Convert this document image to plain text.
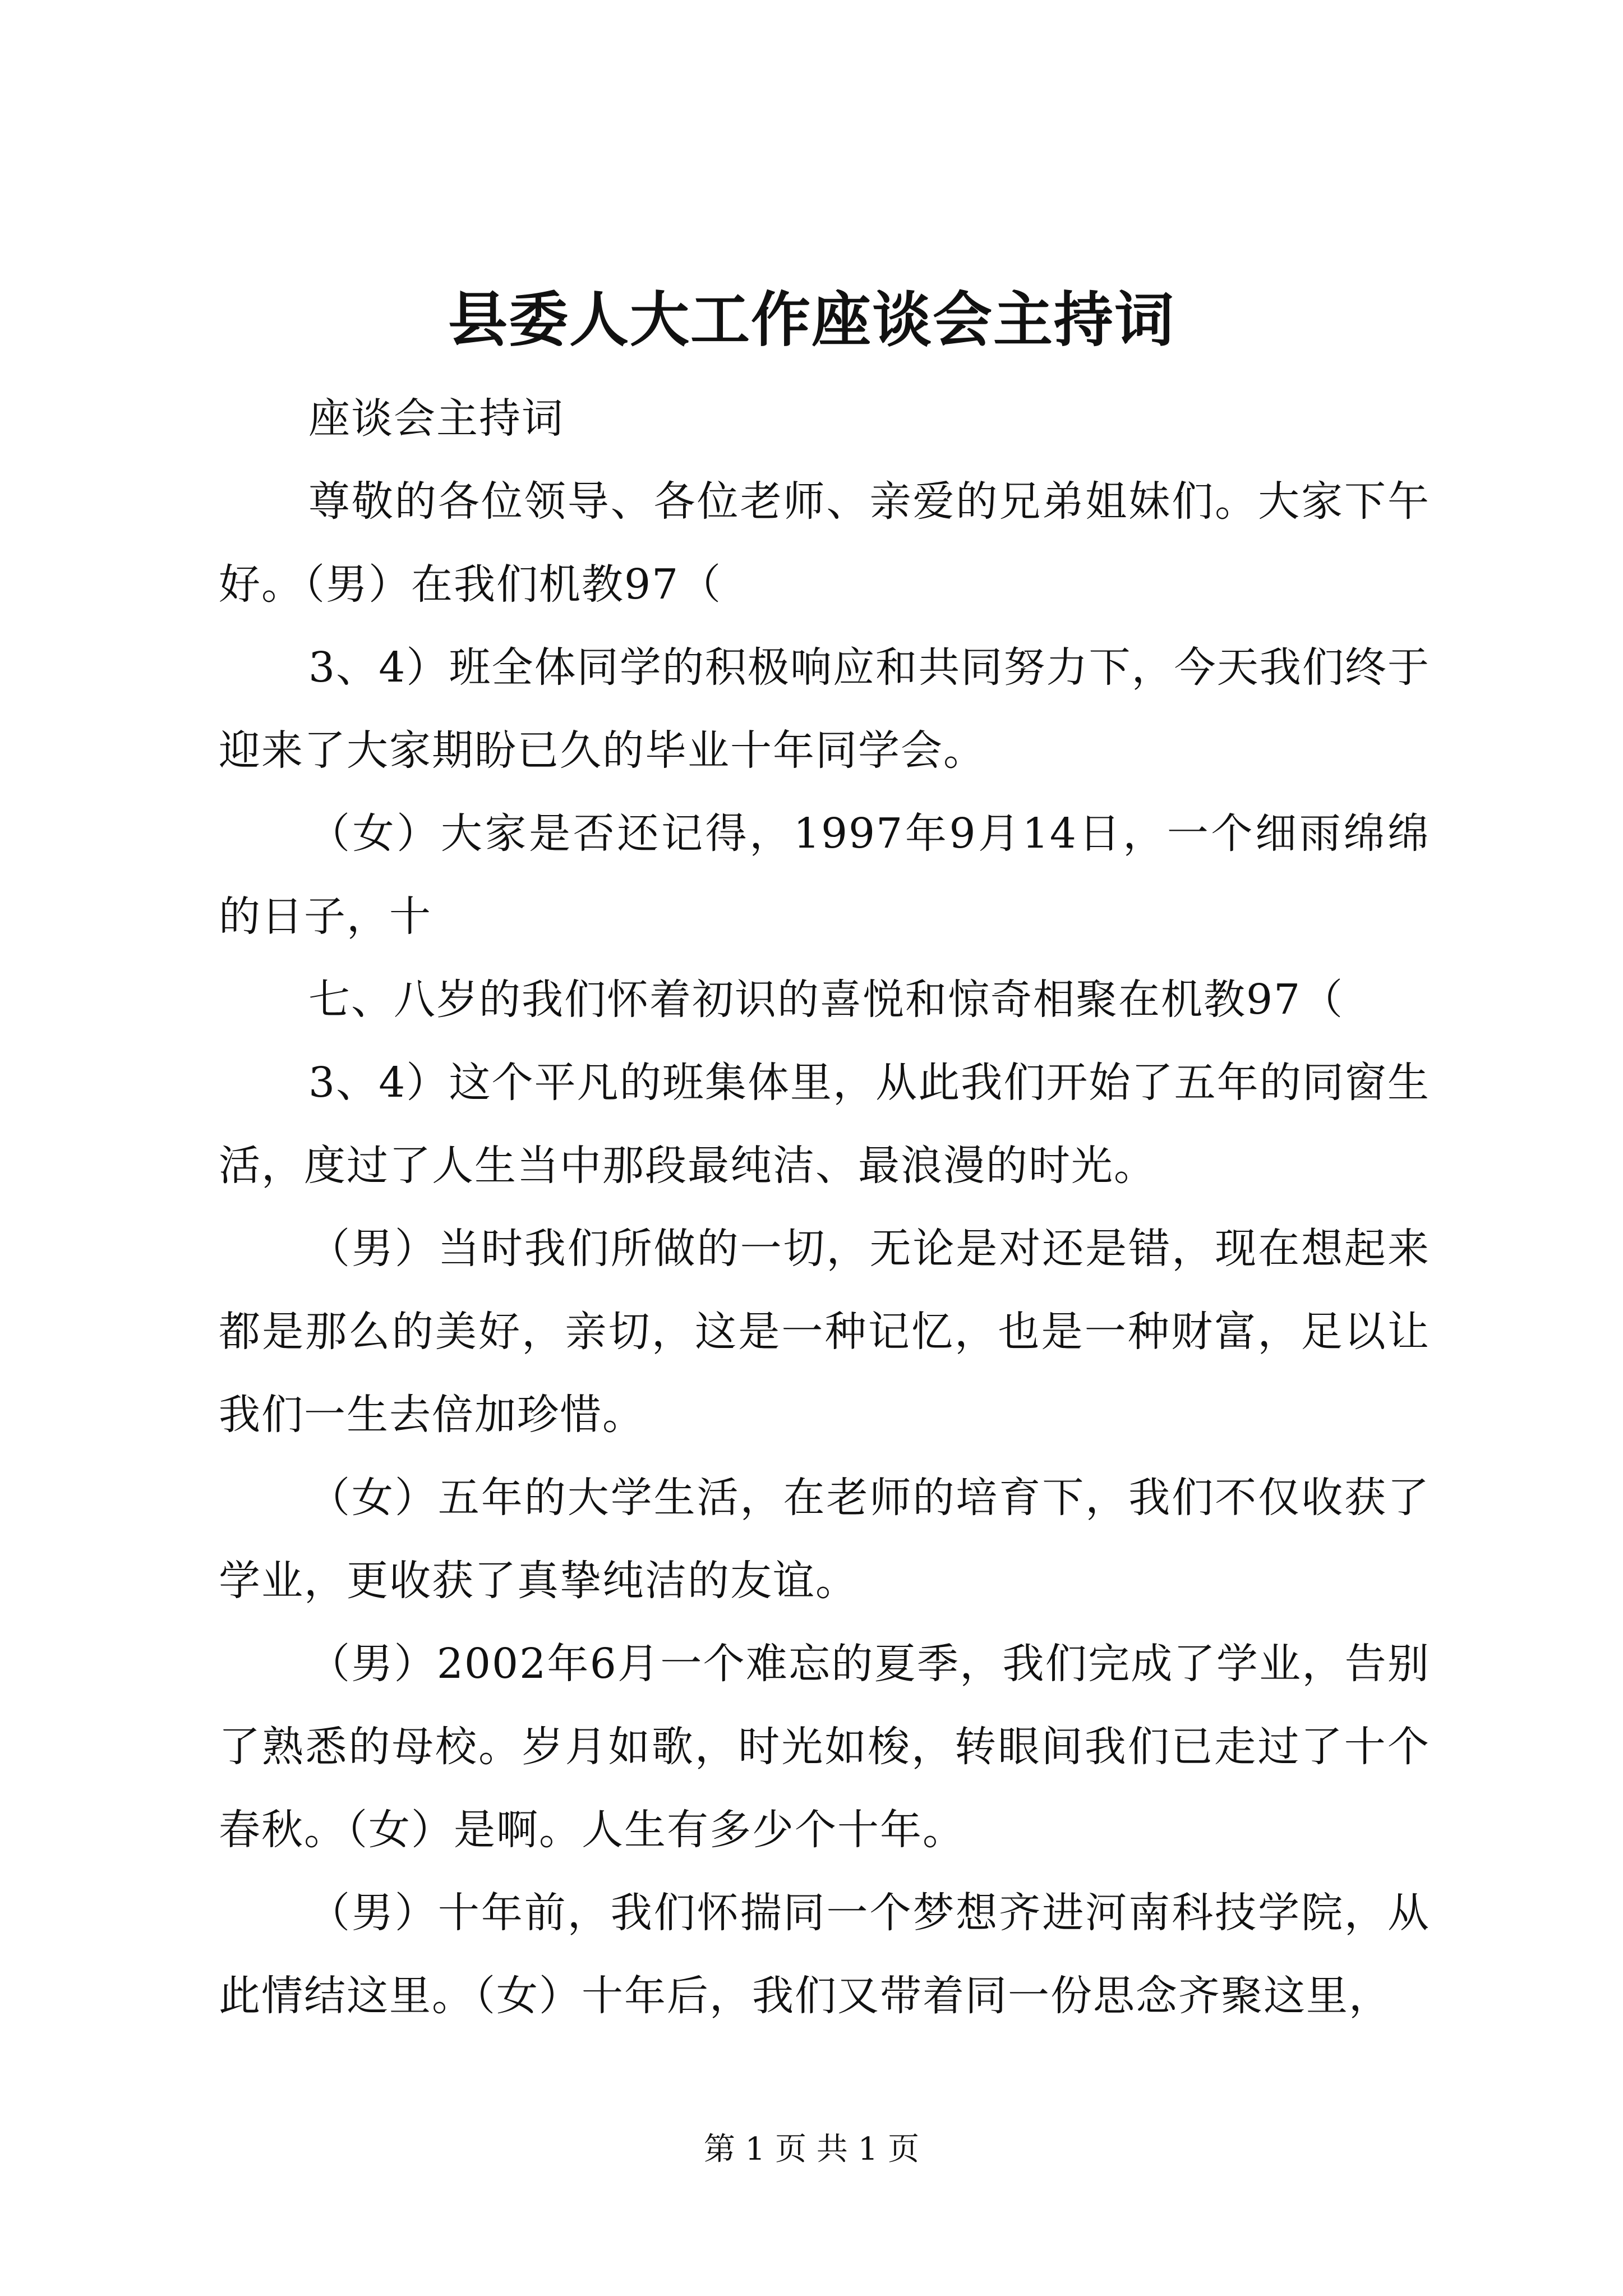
县委人大工作座谈会主持词

座谈会主持词

尊敬的各位领导、各位老师、亲爱的兄弟姐妹们。大家下午好。（男）在我们机教97（

3、4）班全体同学的积极响应和共同努力下，今天我们终于迎来了大家期盼已久的毕业十年同学会。

（女）大家是否还记得，1997年9月14日，一个细雨绵绵的日子，十

七、八岁的我们怀着初识的喜悦和惊奇相聚在机教97（

3、4）这个平凡的班集体里，从此我们开始了五年的同窗生活，度过了人生当中那段最纯洁、最浪漫的时光。

（男）当时我们所做的一切，无论是对还是错，现在想起来都是那么的美好，亲切，这是一种记忆，也是一种财富，足以让我们一生去倍加珍惜。

（女）五年的大学生活，在老师的培育下，我们不仅收获了学业，更收获了真挚纯洁的友谊。

（男）2002年6月一个难忘的夏季，我们完成了学业，告别了熟悉的母校。岁月如歌，时光如梭，转眼间我们已走过了十个春秋。（女）是啊。人生有多少个十年。

（男）十年前，我们怀揣同一个梦想齐进河南科技学院，从此情结这里。（女）十年后，我们又带着同一份思念齐聚这里，

第 1 页 共 1 页
